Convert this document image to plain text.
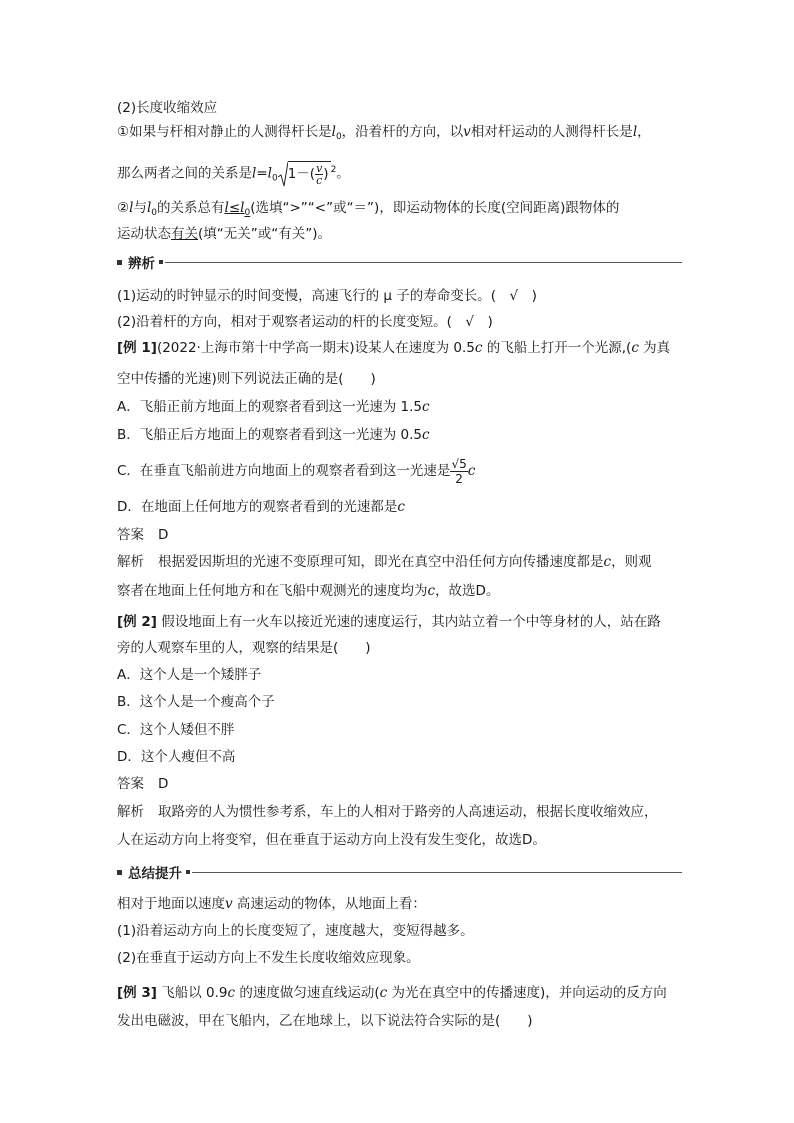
(2)长度收缩效应
①如果与杆相对静止的人测得杆长是$l_0$，沿着杆的方向，以v相对杆运动的人测得杆长是l，
那么两者之间的关系是$l=l_0$ $1-( \frac{v}{c}$ ) $^2$。
②l与$l_0$的关系总有$l\le l_0$(选填“>”“<”或“＝”)，即运动物体的长度(空间距离)跟物体的
运动状态有关(填“无关”或“有关”)。
辨析
(1)运动的时钟显示的时间变慢，高速飞行的 μ 子的寿命变长。(　√　)
(2)沿着杆的方向，相对于观察者运动的杆的长度变短。(　√　)
[例 1](2022·上海市第十中学高一期末)设某人在速度为 0.5c 的飞船上打开一个光源,(c 为真
空中传播的光速)则下列说法正确的是(　　)
A．飞船正前方地面上的观察者看到这一光速为 1.5c
B．飞船正后方地面上的观察者看到这一光速为 0.5c
C．在垂直飞船前进方向地面上的观察者看到这一光速是 $\frac{√5}{2}$ c
D．在地面上任何地方的观察者看到的光速都是c
答案 D
解析 根据爱因斯坦的光速不变原理可知，即光在真空中沿任何方向传播速度都是c，则观
察者在地面上任何地方和在飞船中观测光的速度均为c，故选D。
[例 2] 假设地面上有一火车以接近光速的速度运行，其内站立着一个中等身材的人，站在路
旁的人观察车里的人，观察的结果是(　　)
A．这个人是一个矮胖子
B．这个人是一个瘦高个子
C．这个人矮但不胖
D．这个人瘦但不高
答案 D
解析 取路旁的人为惯性参考系，车上的人相对于路旁的人高速运动，根据长度收缩效应，
人在运动方向上将变窄，但在垂直于运动方向上没有发生变化，故选D。
总结提升
相对于地面以速度v 高速运动的物体，从地面上看：
(1)沿着运动方向上的长度变短了，速度越大，变短得越多。
(2)在垂直于运动方向上不发生长度收缩效应现象。
[例 3] 飞船以 0.9c 的速度做匀速直线运动(c 为光在真空中的传播速度)，并向运动的反方向
发出电磁波，甲在飞船内，乙在地球上，以下说法符合实际的是(　　)
